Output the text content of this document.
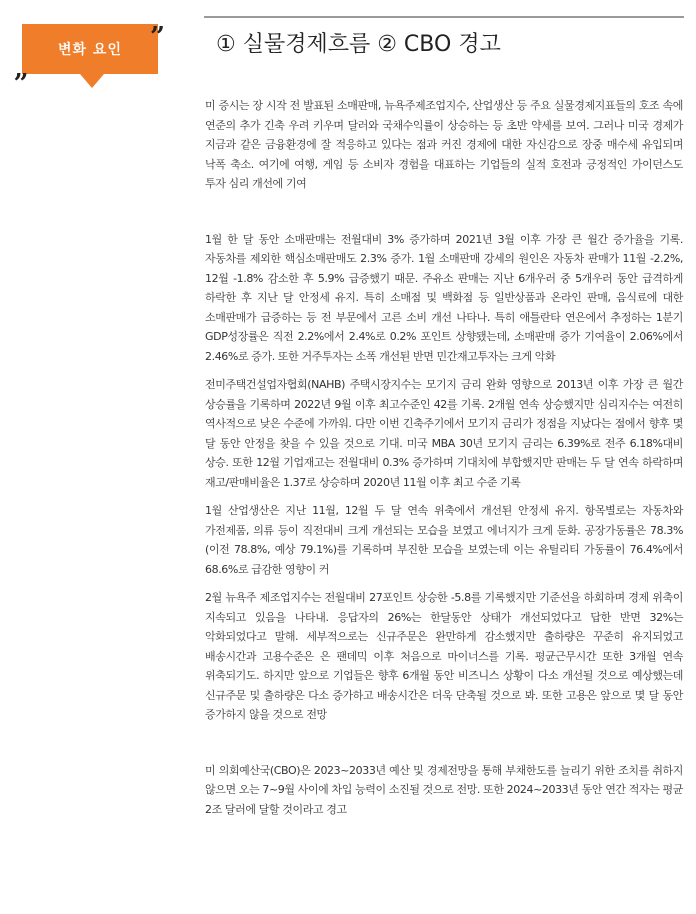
변화 요인
„
” ① 실물경제흐름 ② CBO 경고

미 증시는 장 시작 전 발표된 소매판매, 뉴욕주제조업지수, 산업생산 등 주요 실물경제지표들의 호조 속에 연준의 추가 긴축 우려 키우며 달러와 국채수익률이 상승하는 등 초반 약세를 보여. 그러나 미국 경제가 지금과 같은 금융환경에 잘 적응하고 있다는 점과 커진 경제에 대한 자신감으로 장중 매수세 유입되며 낙폭 축소. 여기에 여행, 게임 등 소비자 경험을 대표하는 기업들의 실적 호전과 긍정적인 가이던스도 투자 심리 개선에 기여

1월 한 달 동안 소매판매는 전월대비 3% 증가하며 2021년 3월 이후 가장 큰 월간 증가율을 기록. 자동차를 제외한 핵심소매판매도 2.3% 증가. 1월 소매판매 강세의 원인은 자동차 판매가 11월 -2.2%, 12월 -1.8% 감소한 후 5.9% 급증했기 때문. 주유소 판매는 지난 6개우러 중 5개우러 동안 급격하게 하락한 후 지난 달 안정세 유지. 특히 소매점 및 백화점 등 일반상품과 온라인 판매, 음식료에 대한 소매판매가 급증하는 등 전 부문에서 고른 소비 개선 나타나. 특히 애틀란타 연은에서 추정하는 1분기 GDP성장률은 직전 2.2%에서 2.4%로 0.2% 포인트 상향됐는데, 소매판매 증가 기여율이 2.06%에서 2.46%로 증가. 또한 거주투자는 소폭 개선된 반면 민간재고투자는 크게 악화

전미주택건설업자협회(NAHB) 주택시장지수는 모기지 금리 완화 영향으로 2013년 이후 가장 큰 월간 상승률을 기록하며 2022년 9월 이후 최고수준인 42를 기록. 2개월 연속 상승했지만 심리지수는 여전히 역사적으로 낮은 수준에 가까워. 다만 이번 긴축주기에서 모기지 금리가 정점을 지났다는 점에서 향후 몇 달 동안 안정을 찾을 수 있을 것으로 기대. 미국 MBA 30년 모기지 금리는 6.39%로 전주 6.18%대비 상승. 또한 12월 기업재고는 전월대비 0.3% 증가하며 기대치에 부합했지만 판매는 두 달 연속 하락하며 재고/판매비율은 1.37로 상승하며 2020년 11월 이후 최고 수준 기록

1월 산업생산은 지난 11월, 12월 두 달 연속 위축에서 개선된 안정세 유지. 항목별로는 자동차와 가전제품, 의류 등이 직전대비 크게 개선되는 모습을 보였고 에너지가 크게 둔화. 공장가동률은 78.3%(이전 78.8%, 예상 79.1%)를 기록하며 부진한 모습을 보였는데 이는 유틸리티 가동률이 76.4%에서 68.6%로 급감한 영향이 커

2월 뉴욕주 제조업지수는 전월대비 27포인트 상승한 -5.8를 기록했지만 기준선을 하회하며 경제 위축이 지속되고 있음을 나타내. 응답자의 26%는 한달동안 상태가 개선되었다고 답한 반면 32%는 악화되었다고 말해. 세부적으로는 신규주문은 완만하게 감소했지만 출하량은 꾸준히 유지되었고 배송시간과 고용수준은 은 팬데믹 이후 처음으로 마이너스를 기록. 평균근무시간 또한 3개월 연속 위축되기도. 하지만 앞으로 기업들은 향후 6개월 동안 비즈니스 상황이 다소 개선될 것으로 예상했는데 신규주문 및 출하량은 다소 증가하고 배송시간은 더욱 단축될 것으로 봐. 또한 고용은 앞으로 몇 달 동안 증가하지 않을 것으로 전망

미 의회예산국(CBO)은 2023~2033년 예산 및 경제전망을 통해 부채한도를 늘리기 위한 조치를 취하지 않으면 오는 7~9월 사이에 차입 능력이 소진될 것으로 전망. 또한 2024~2033년 동안 연간 적자는 평균 2조 달러에 달할 것이라고 경고
